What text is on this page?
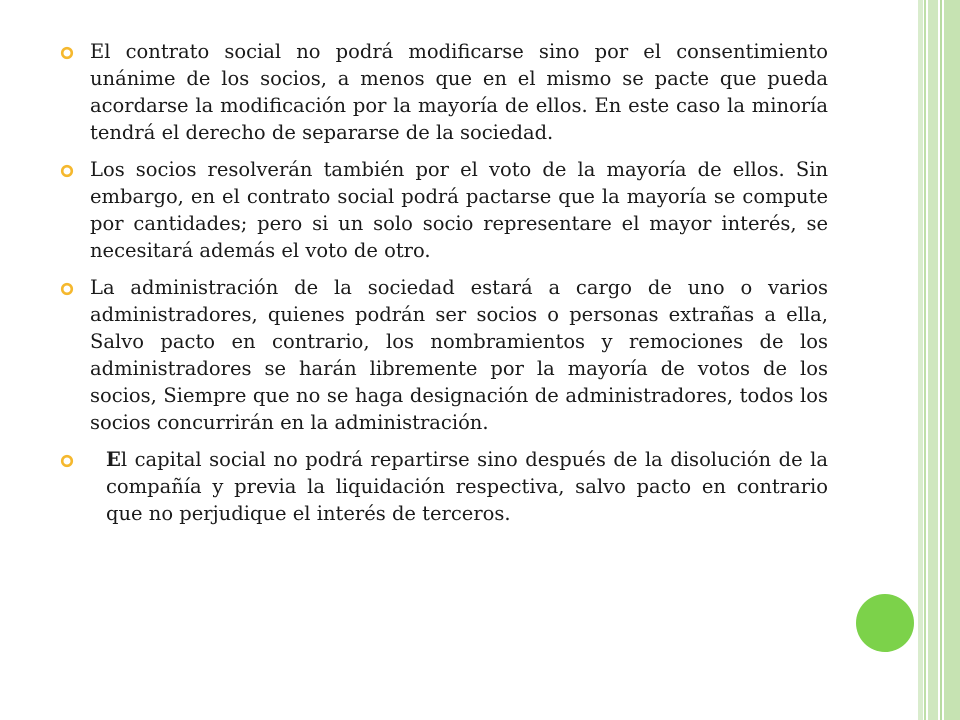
El contrato social no podrá modificarse sino por el consentimiento unánime de los socios, a menos que en el mismo se pacte que pueda acordarse la modificación por la mayoría de ellos. En este caso la minoría tendrá el derecho de separarse de la sociedad.

Los socios resolverán también por el voto de la mayoría de ellos. Sin embargo, en el contrato social podrá pactarse que la mayoría se compute por cantidades; pero si un solo socio representare el mayor interés, se necesitará además el voto de otro.

La administración de la sociedad estará a cargo de uno o varios administradores, quienes podrán ser socios o personas extrañas a ella, Salvo pacto en contrario, los nombramientos y remociones de los administradores se harán libremente por la mayoría de votos de los socios, Siempre que no se haga designación de administradores, todos los socios concurrirán en la administración.

El capital social no podrá repartirse sino después de la disolución de la compañía y previa la liquidación respectiva, salvo pacto en contrario que no perjudique el interés de terceros.
